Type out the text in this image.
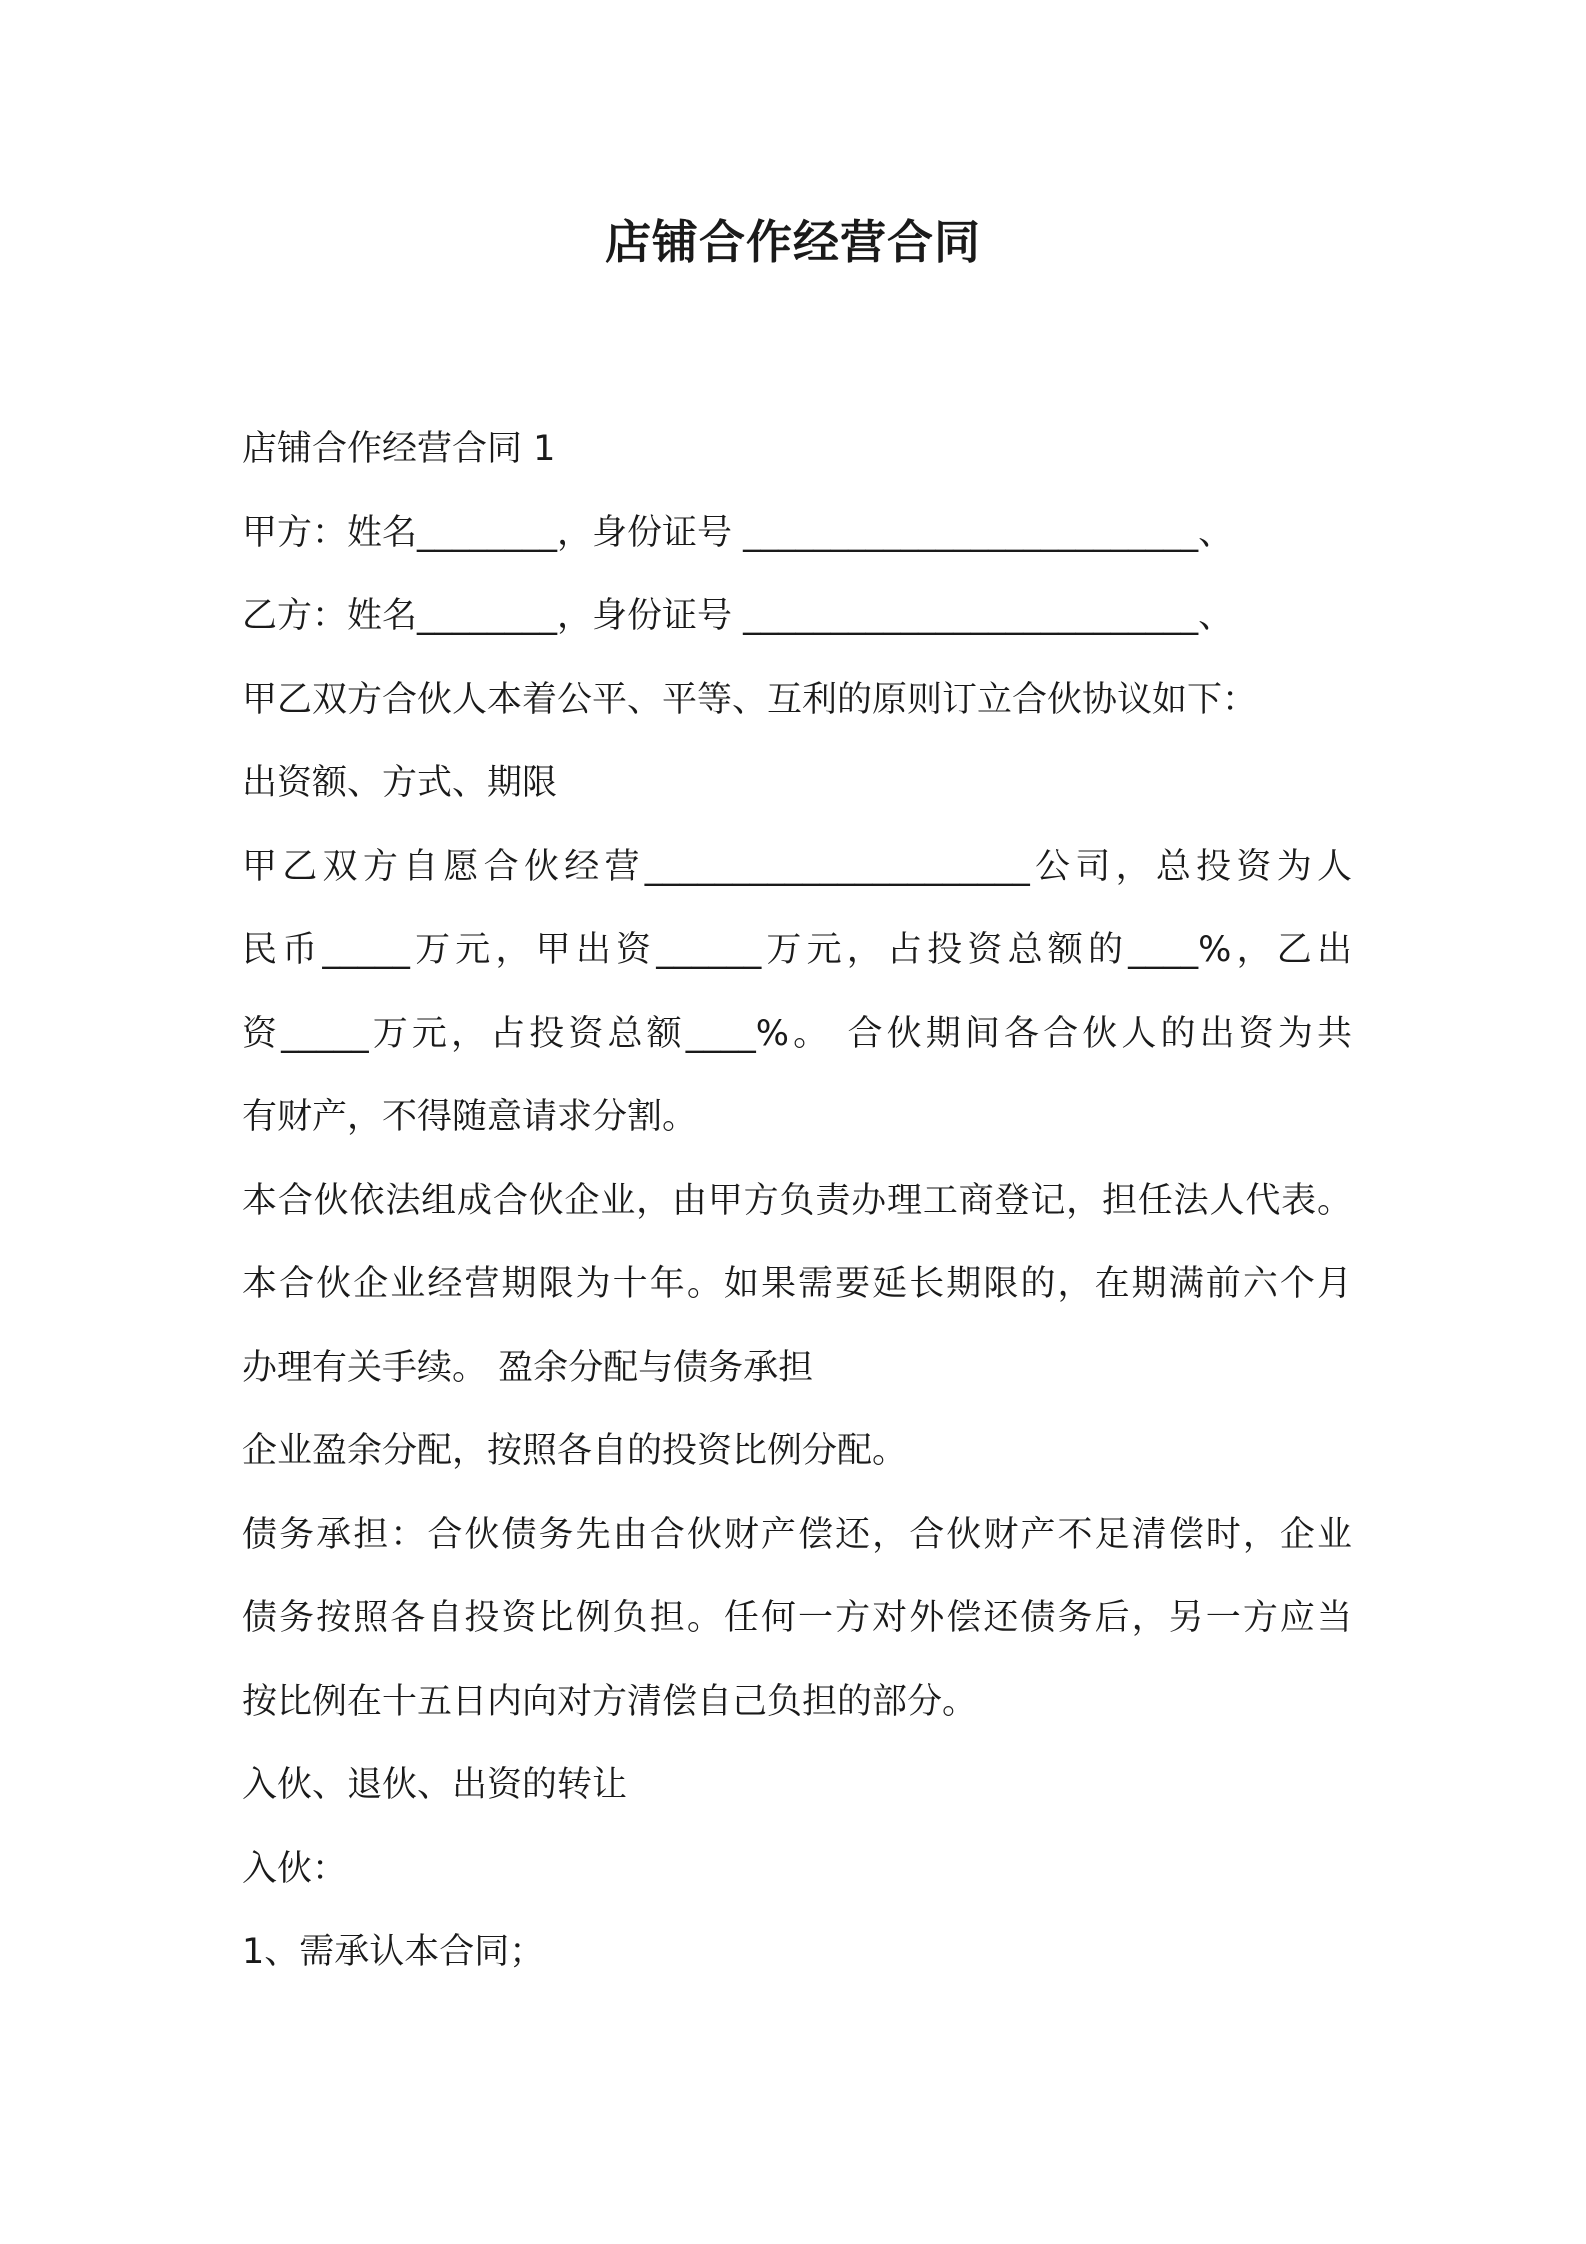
店铺合作经营合同

店铺合作经营合同 1

甲方：姓名________，身份证号 __________________________、

乙方：姓名________，身份证号 __________________________、

甲乙双方合伙人本着公平、平等、互利的原则订立合伙协议如下：

出资额、方式、期限

甲乙双方自愿合伙经营______________________公司，总投资为人

民币_____万元，甲出资______万元，占投资总额的____%，乙出

资_____万元，占投资总额____%。 合伙期间各合伙人的出资为共

有财产，不得随意请求分割。

本合伙依法组成合伙企业，由甲方负责办理工商登记，担任法人代表。

本合伙企业经营期限为十年。如果需要延长期限的，在期满前六个月

办理有关手续。 盈余分配与债务承担

企业盈余分配，按照各自的投资比例分配。

债务承担：合伙债务先由合伙财产偿还，合伙财产不足清偿时，企业

债务按照各自投资比例负担。任何一方对外偿还债务后，另一方应当

按比例在十五日内向对方清偿自己负担的部分。

入伙、退伙、出资的转让

入伙：

1、需承认本合同；
